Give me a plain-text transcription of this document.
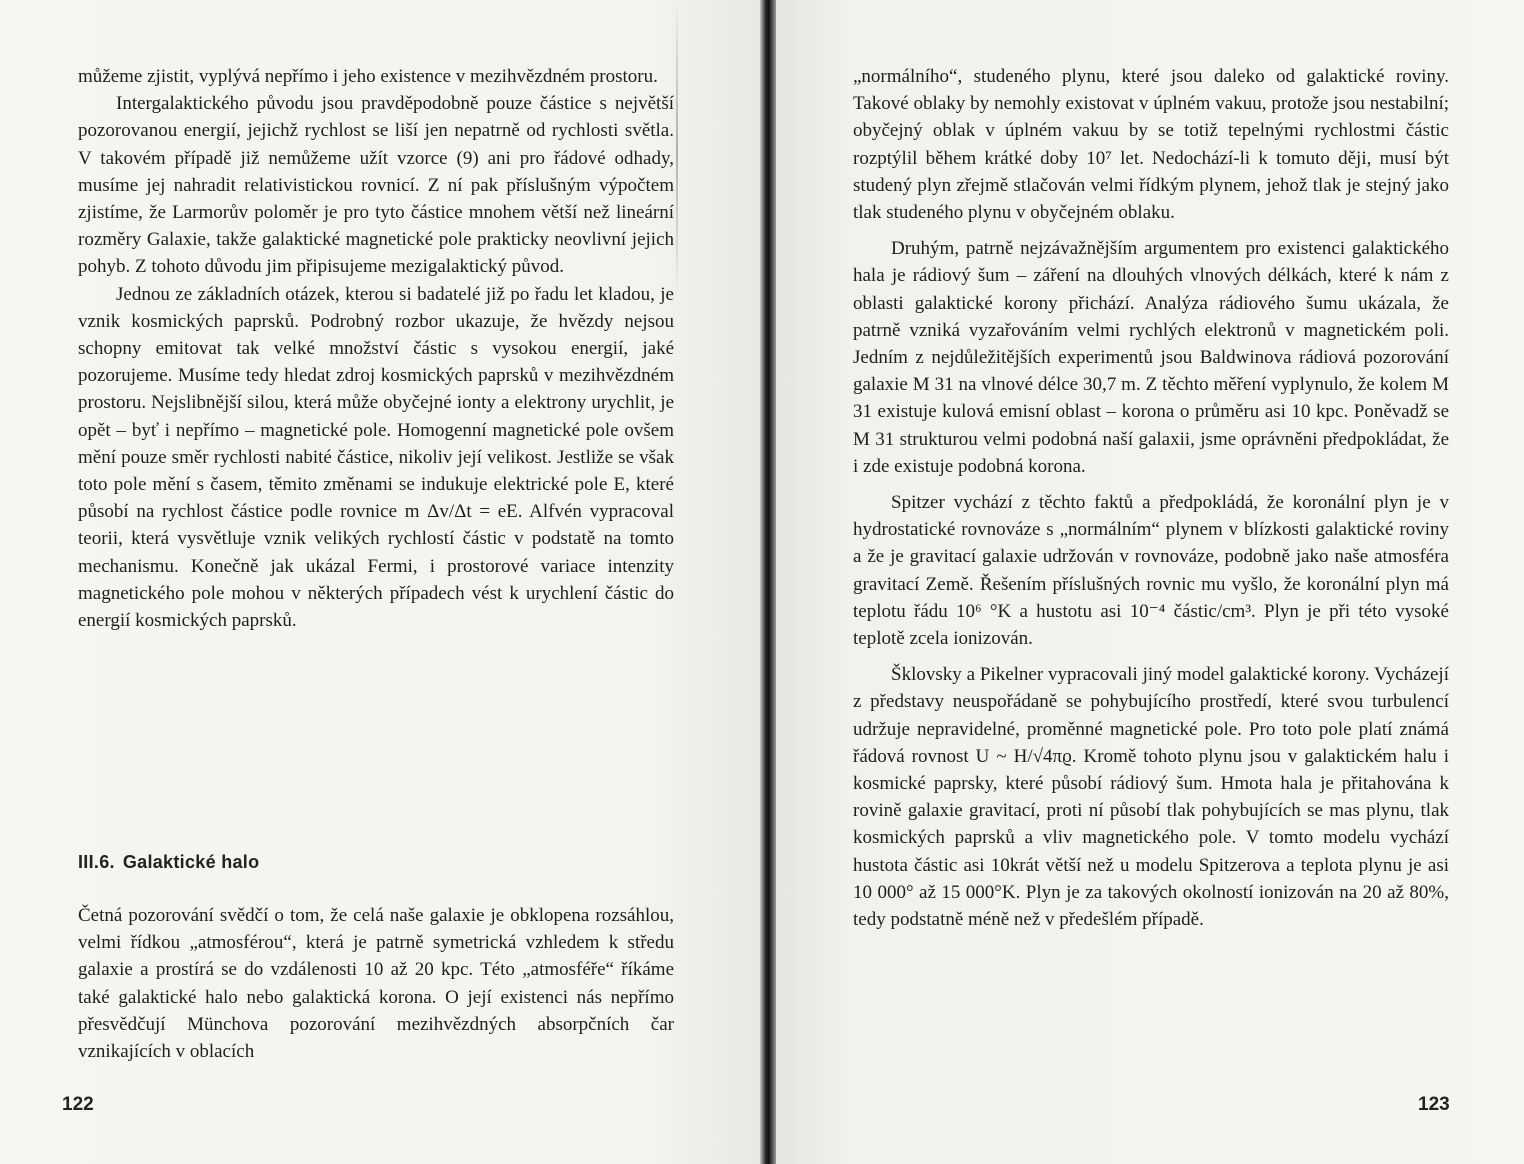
můžeme zjistit, vyplývá nepřímo i jeho existence v mezihvězdném prostoru.

Intergalaktického původu jsou pravděpodobně pouze částice s největší pozorovanou energií, jejichž rychlost se liší jen nepatrně od rychlosti světla. V takovém případě již nemůžeme užít vzorce (9) ani pro řádové odhady, musíme jej nahradit relativistickou rovnicí. Z ní pak příslušným výpočtem zjistíme, že Larmorův poloměr je pro tyto částice mnohem větší než lineární rozměry Galaxie, takže galaktické magnetické pole prakticky neovlivní jejich pohyb. Z tohoto důvodu jim připisujeme mezigalaktický původ.

Jednou ze základních otázek, kterou si badatelé již po řadu let kladou, je vznik kosmických paprsků. Podrobný rozbor ukazuje, že hvězdy nejsou schopny emitovat tak velké množství částic s vysokou energií, jaké pozorujeme. Musíme tedy hledat zdroj kosmických paprsků v mezihvězdném prostoru. Nejslibnější silou, která může obyčejné ionty a elektrony urychlit, je opět – byť i nepřímo – magnetické pole. Homogenní magnetické pole ovšem mění pouze směr rychlosti nabité částice, nikoliv její velikost. Jestliže se však toto pole mění s časem, těmito změnami se indukuje elektrické pole E, které působí na rychlost částice podle rovnice m Δv/Δt = eE. Alfvén vypracoval teorii, která vysvětluje vznik velikých rychlostí částic v podstatě na tomto mechanismu. Konečně jak ukázal Fermi, i prostorové variace intenzity magnetického pole mohou v některých případech vést k urychlení částic do energií kosmických paprsků.

III.6. Galaktické halo

Četná pozorování svědčí o tom, že celá naše galaxie je obklopena rozsáhlou, velmi řídkou „atmosférou“, která je patrně symetrická vzhledem k středu galaxie a prostírá se do vzdálenosti 10 až 20 kpc. Této „atmosféře“ říkáme také galaktické halo nebo galaktická korona. O její existenci nás nepřímo přesvědčují Münchova pozorování mezihvězdných absorpčních čar vznikajících v oblacích

122

„normálního“, studeného plynu, které jsou daleko od galaktické roviny. Takové oblaky by nemohly existovat v úplném vakuu, protože jsou nestabilní; obyčejný oblak v úplném vakuu by se totiž tepelnými rychlostmi částic rozptýlil během krátké doby 10⁷ let. Nedochází-li k tomuto ději, musí být studený plyn zřejmě stlačován velmi řídkým plynem, jehož tlak je stejný jako tlak studeného plynu v obyčejném oblaku.

Druhým, patrně nejzávažnějším argumentem pro existenci galaktického hala je rádiový šum – záření na dlouhých vlnových délkách, které k nám z oblasti galaktické korony přichází. Analýza rádiového šumu ukázala, že patrně vzniká vyzařováním velmi rychlých elektronů v magnetickém poli. Jedním z nejdůležitějších experimentů jsou Baldwinova rádiová pozorování galaxie M 31 na vlnové délce 30,7 m. Z těchto měření vyplynulo, že kolem M 31 existuje kulová emisní oblast – korona o průměru asi 10 kpc. Poněvadž se M 31 strukturou velmi podobná naší galaxii, jsme oprávněni předpokládat, že i zde existuje podobná korona.

Spitzer vychází z těchto faktů a předpokládá, že koronální plyn je v hydrostatické rovnováze s „normálním“ plynem v blízkosti galaktické roviny a že je gravitací galaxie udržován v rovnováze, podobně jako naše atmosféra gravitací Země. Řešením příslušných rovnic mu vyšlo, že koronální plyn má teplotu řádu 10⁶ °K a hustotu asi 10⁻⁴ částic/cm³. Plyn je při této vysoké teplotě zcela ionizován.

Šklovsky a Pikelner vypracovali jiný model galaktické korony. Vycházejí z představy neuspořádaně se pohybujícího prostředí, které svou turbulencí udržuje nepravidelné, proměnné magnetické pole. Pro toto pole platí známá řádová rovnost U ~ H/√4πϱ. Kromě tohoto plynu jsou v galaktickém halu i kosmické paprsky, které působí rádiový šum. Hmota hala je přitahována k rovině galaxie gravitací, proti ní působí tlak pohybujících se mas plynu, tlak kosmických paprsků a vliv magnetického pole. V tomto modelu vychází hustota částic asi 10krát větší než u modelu Spitzerova a teplota plynu je asi 10 000° až 15 000°K. Plyn je za takových okolností ionizován na 20 až 80%, tedy podstatně méně než v předešlém případě.

123
